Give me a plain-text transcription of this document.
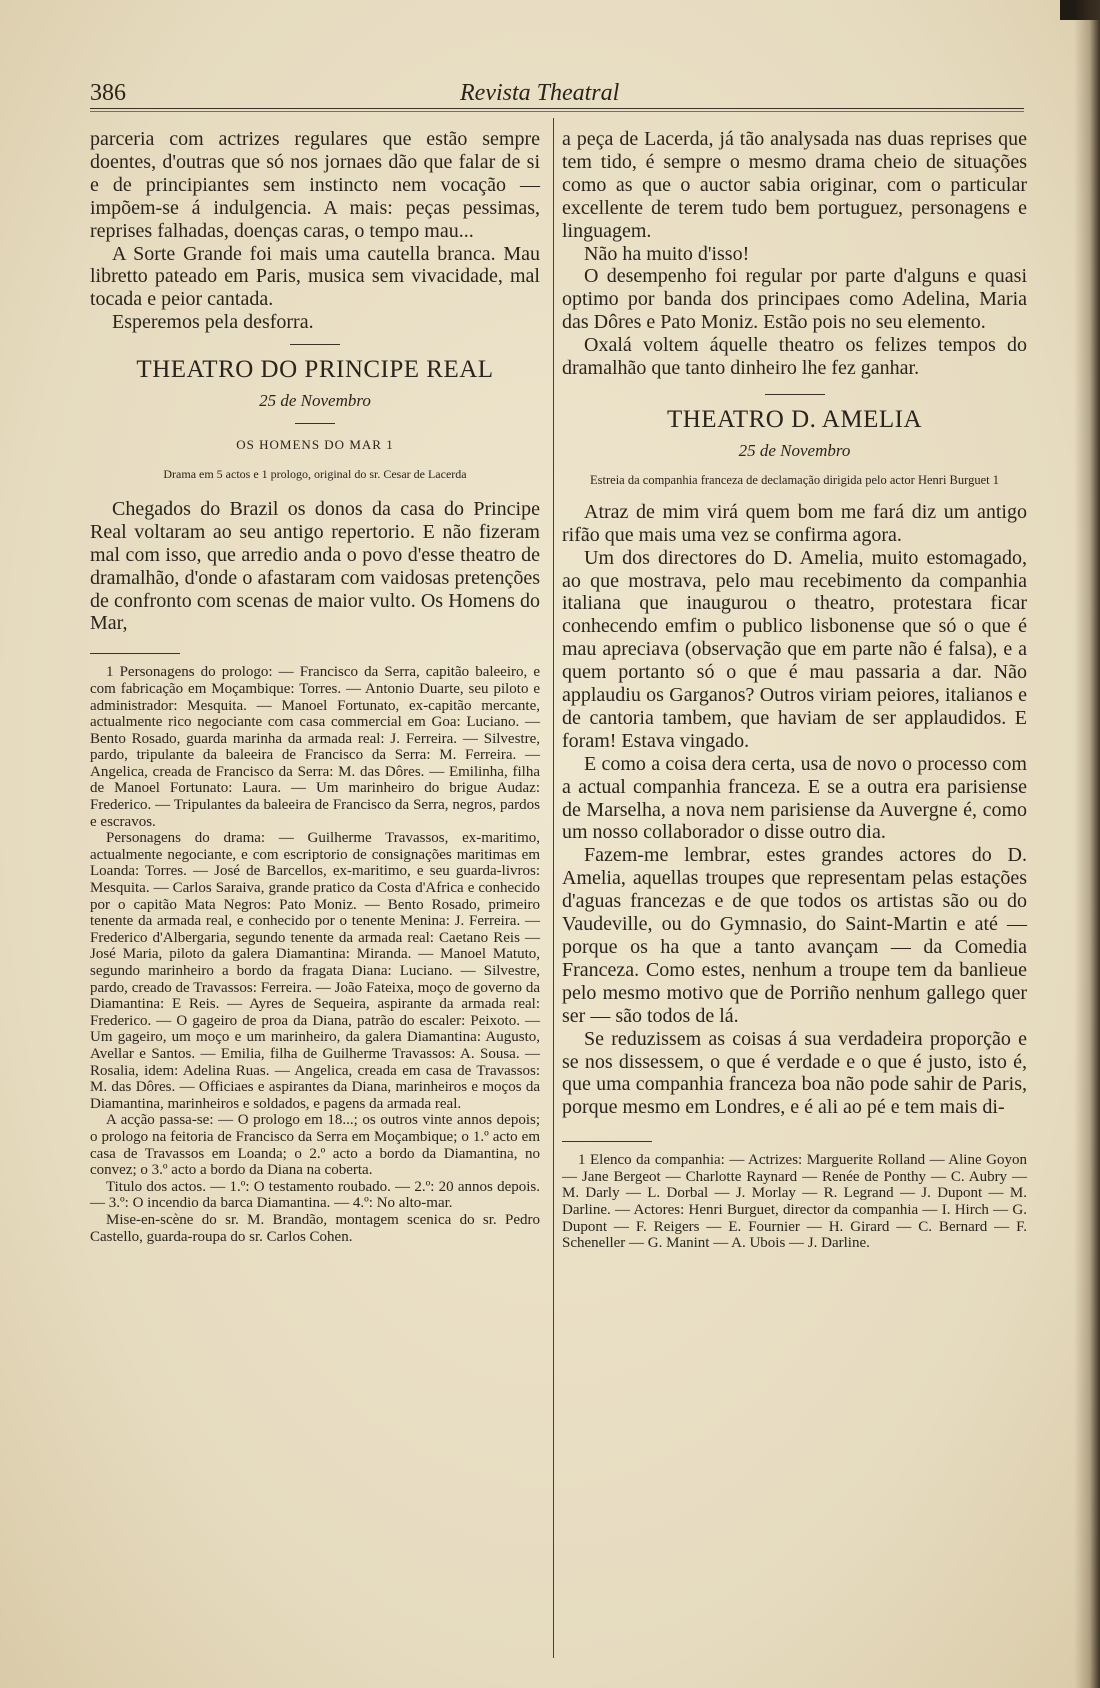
386	Revista Theatral

parceria com actrizes regulares que estão sempre doentes, d'outras que só nos jornaes dão que falar de si e de principiantes sem instincto nem vocação — impõem-se á indulgencia. A mais: peças pessimas, reprises falhadas, doenças caras, o tempo mau...

A Sorte Grande foi mais uma cautella branca. Mau libretto pateado em Paris, musica sem vivacidade, mal tocada e peior cantada.

Esperemos pela desforra.

THEATRO DO PRINCIPE REAL
25 de Novembro
OS HOMENS DO MAR 1
Drama em 5 actos e 1 prologo, original do sr. Cesar de Lacerda

Chegados do Brazil os donos da casa do Principe Real voltaram ao seu antigo repertorio. E não fizeram mal com isso, que arredio anda o povo d'esse theatro de dramalhão, d'onde o afastaram com vaidosas pretenções de confronto com scenas de maior vulto. Os Homens do Mar,

1 Personagens do prologo: — Francisco da Serra, capitão baleeiro, e com fabricação em Moçambique: Torres. — Antonio Duarte, seu piloto e administrador: Mesquita. — Manoel Fortunato, ex-capitão mercante, actualmente rico negociante com casa commercial em Goa: Luciano. — Bento Rosado, guarda marinha da armada real: J. Ferreira. — Silvestre, pardo, tripulante da baleeira de Francisco da Serra: M. Ferreira. — Angelica, creada de Francisco da Serra: M. das Dôres. — Emilinha, filha de Manoel Fortunato: Laura. — Um marinheiro do brigue Audaz: Frederico. — Tripulantes da baleeira de Francisco da Serra, negros, pardos e escravos.

Personagens do drama: — Guilherme Travassos, ex-maritimo, actualmente negociante, e com escriptorio de consignações maritimas em Loanda: Torres. — José de Barcellos, ex-maritimo, e seu guarda-livros: Mesquita. — Carlos Saraiva, grande pratico da Costa d'Africa e conhecido por o capitão Mata Negros: Pato Moniz. — Bento Rosado, primeiro tenente da armada real, e conhecido por o tenente Menina: J. Ferreira. — Frederico d'Albergaria, segundo tenente da armada real: Caetano Reis — José Maria, piloto da galera Diamantina: Miranda. — Manoel Matuto, segundo marinheiro a bordo da fragata Diana: Luciano. — Silvestre, pardo, creado de Travassos: Ferreira. — João Fateixa, moço de governo da Diamantina: E Reis. — Ayres de Sequeira, aspirante da armada real: Frederico. — O gageiro de proa da Diana, patrão do escaler: Peixoto. — Um gageiro, um moço e um marinheiro, da galera Diamantina: Augusto, Avellar e Santos. — Emilia, filha de Guilherme Travassos: A. Sousa. — Rosalia, idem: Adelina Ruas. — Angelica, creada em casa de Travassos: M. das Dôres. — Officiaes e aspirantes da Diana, marinheiros e moços da Diamantina, marinheiros e soldados, e pagens da armada real.

A acção passa-se: — O prologo em 18...; os outros vinte annos depois; o prologo na feitoria de Francisco da Serra em Moçambique; o 1.º acto em casa de Travassos em Loanda; o 2.º acto a bordo da Diamantina, no convez; o 3.º acto a bordo da Diana na coberta.

Titulo dos actos. — 1.º: O testamento roubado. — 2.º: 20 annos depois. — 3.º: O incendio da barca Diamantina. — 4.º: No alto-mar.

Mise-en-scène do sr. M. Brandão, montagem scenica do sr. Pedro Castello, guarda-roupa do sr. Carlos Cohen.

a peça de Lacerda, já tão analysada nas duas reprises que tem tido, é sempre o mesmo drama cheio de situações como as que o auctor sabia originar, com o particular excellente de terem tudo bem portuguez, personagens e linguagem.

Não ha muito d'isso!

O desempenho foi regular por parte d'alguns e quasi optimo por banda dos principaes como Adelina, Maria das Dôres e Pato Moniz. Estão pois no seu elemento.

Oxalá voltem áquelle theatro os felizes tempos do dramalhão que tanto dinheiro lhe fez ganhar.

THEATRO D. AMELIA
25 de Novembro
Estreia da companhia franceza de declamação dirigida pelo actor Henri Burguet 1

Atraz de mim virá quem bom me fará diz um antigo rifão que mais uma vez se confirma agora.

Um dos directores do D. Amelia, muito estomagado, ao que mostrava, pelo mau recebimento da companhia italiana que inaugurou o theatro, protestara ficar conhecendo emfim o publico lisbonense que só o que é mau apreciava (observação que em parte não é falsa), e a quem portanto só o que é mau passaria a dar. Não applaudiu os Garganos? Outros viriam peiores, italianos e de cantoria tambem, que haviam de ser applaudidos. E foram! Estava vingado.

E como a coisa dera certa, usa de novo o processo com a actual companhia franceza. E se a outra era parisiense de Marselha, a nova nem parisiense da Auvergne é, como um nosso collaborador o disse outro dia.

Fazem-me lembrar, estes grandes actores do D. Amelia, aquellas troupes que representam pelas estações d'aguas francezas e de que todos os artistas são ou do Vaudeville, ou do Gymnasio, do Saint-Martin e até — porque os ha que a tanto avançam — da Comedia Franceza. Como estes, nenhum a troupe tem da banlieue pelo mesmo motivo que de Porriño nenhum gallego quer ser — são todos de lá.

Se reduzissem as coisas á sua verdadeira proporção e se nos dissessem, o que é verdade e o que é justo, isto é, que uma companhia franceza boa não pode sahir de Paris, porque mesmo em Londres, e é ali ao pé e tem mais di-

1 Elenco da companhia: — Actrizes: Marguerite Rolland — Aline Goyon — Jane Bergeot — Charlotte Raynard — Renée de Ponthy — C. Aubry — M. Darly — L. Dorbal — J. Morlay — R. Legrand — J. Dupont — M. Darline. — Actores: Henri Burguet, director da companhia — I. Hirch — G. Dupont — F. Reigers — E. Fournier — H. Girard — C. Bernard — F. Scheneller — G. Manint — A. Ubois — J. Darline.
